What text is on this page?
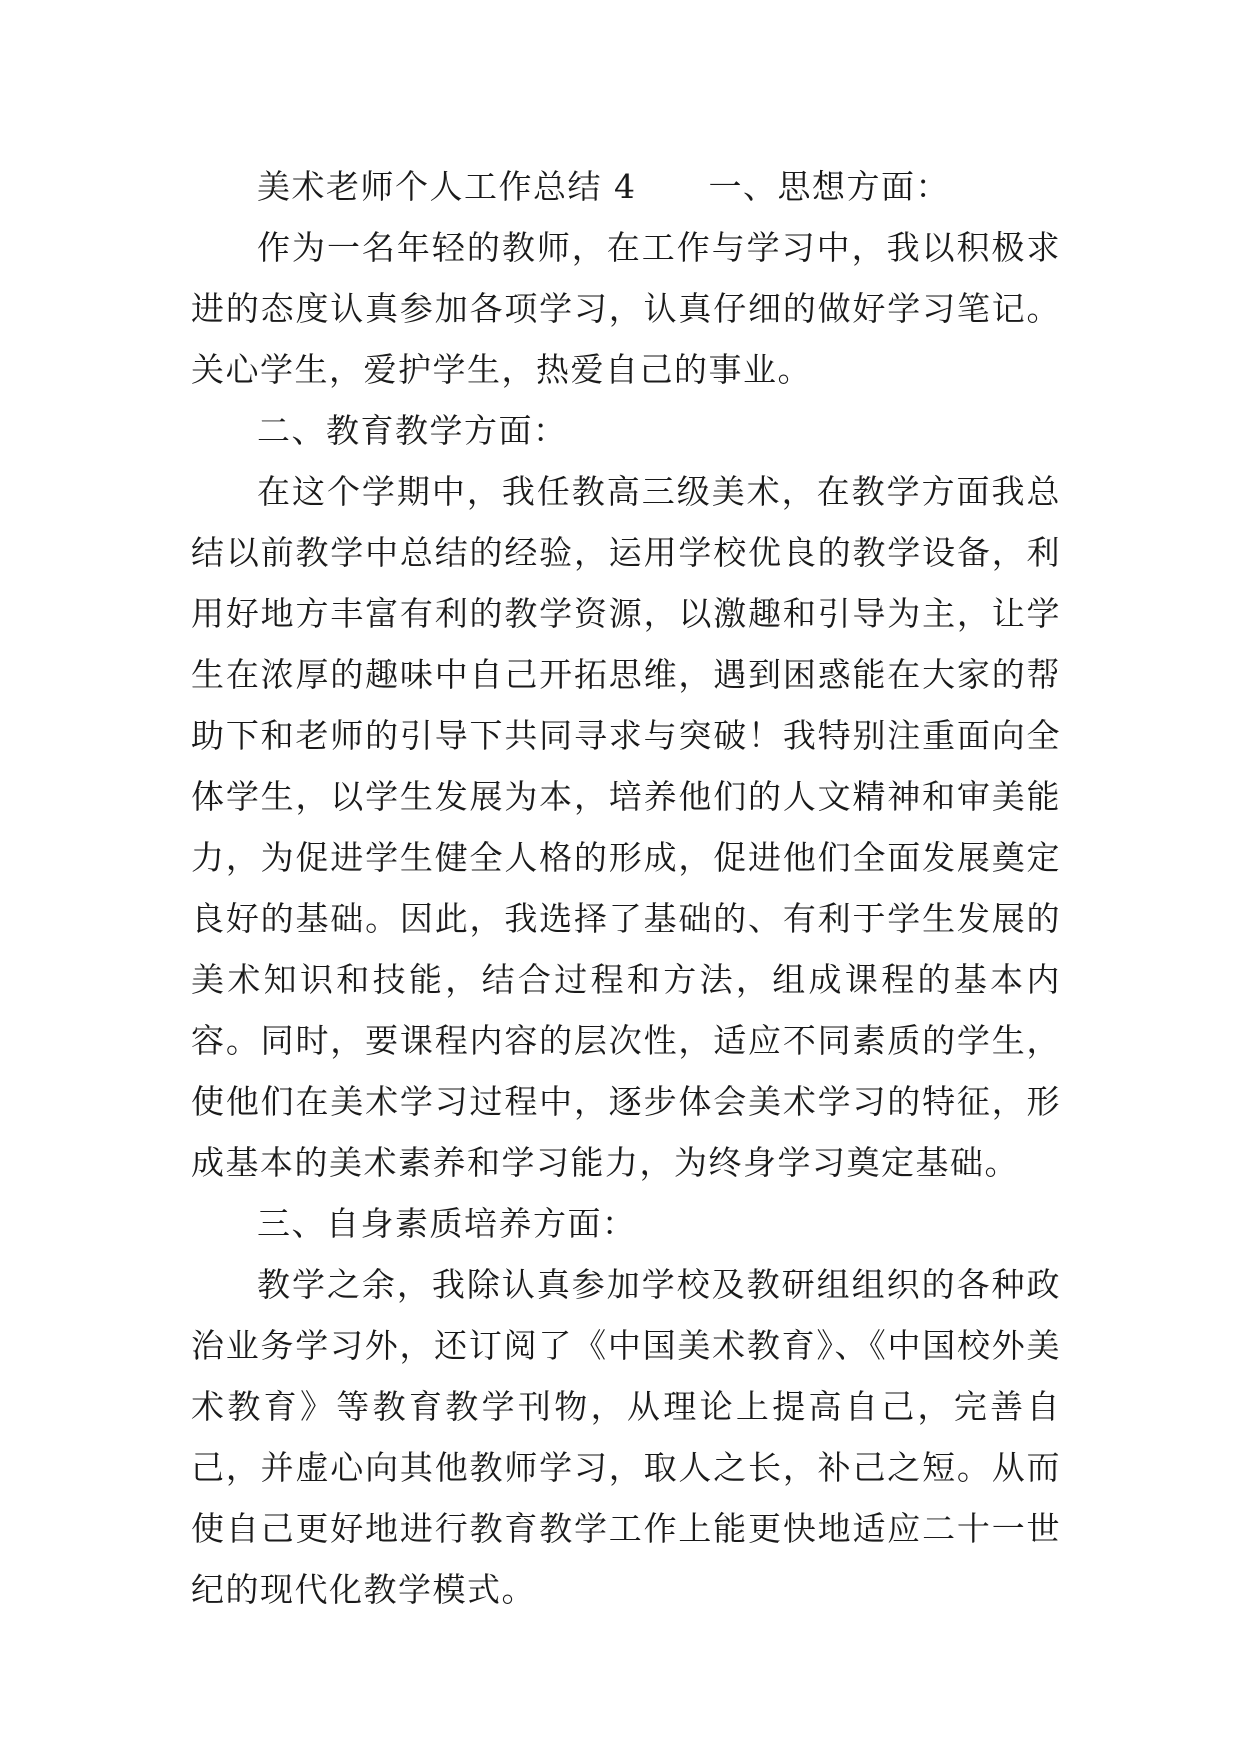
美术老师个人工作总结 4 一、思想方面：

作为一名年轻的教师，在工作与学习中，我以积极求进的态度认真参加各项学习，认真仔细的做好学习笔记。关心学生，爱护学生，热爱自己的事业。

二、教育教学方面：

在这个学期中，我任教高三级美术，在教学方面我总结以前教学中总结的经验，运用学校优良的教学设备，利用好地方丰富有利的教学资源，以激趣和引导为主，让学生在浓厚的趣味中自己开拓思维，遇到困惑能在大家的帮助下和老师的引导下共同寻求与突破！我特别注重面向全体学生，以学生发展为本，培养他们的人文精神和审美能力，为促进学生健全人格的形成，促进他们全面发展奠定良好的基础。因此，我选择了基础的、有利于学生发展的美术知识和技能，结合过程和方法，组成课程的基本内容。同时，要课程内容的层次性，适应不同素质的学生，使他们在美术学习过程中，逐步体会美术学习的特征，形成基本的美术素养和学习能力，为终身学习奠定基础。

三、自身素质培养方面：

教学之余，我除认真参加学校及教研组组织的各种政治业务学习外，还订阅了《中国美术教育》、《中国校外美术教育》等教育教学刊物，从理论上提高自己，完善自己，并虚心向其他教师学习，取人之长，补己之短。从而使自己更好地进行教育教学工作上能更快地适应二十一世纪的现代化教学模式。
